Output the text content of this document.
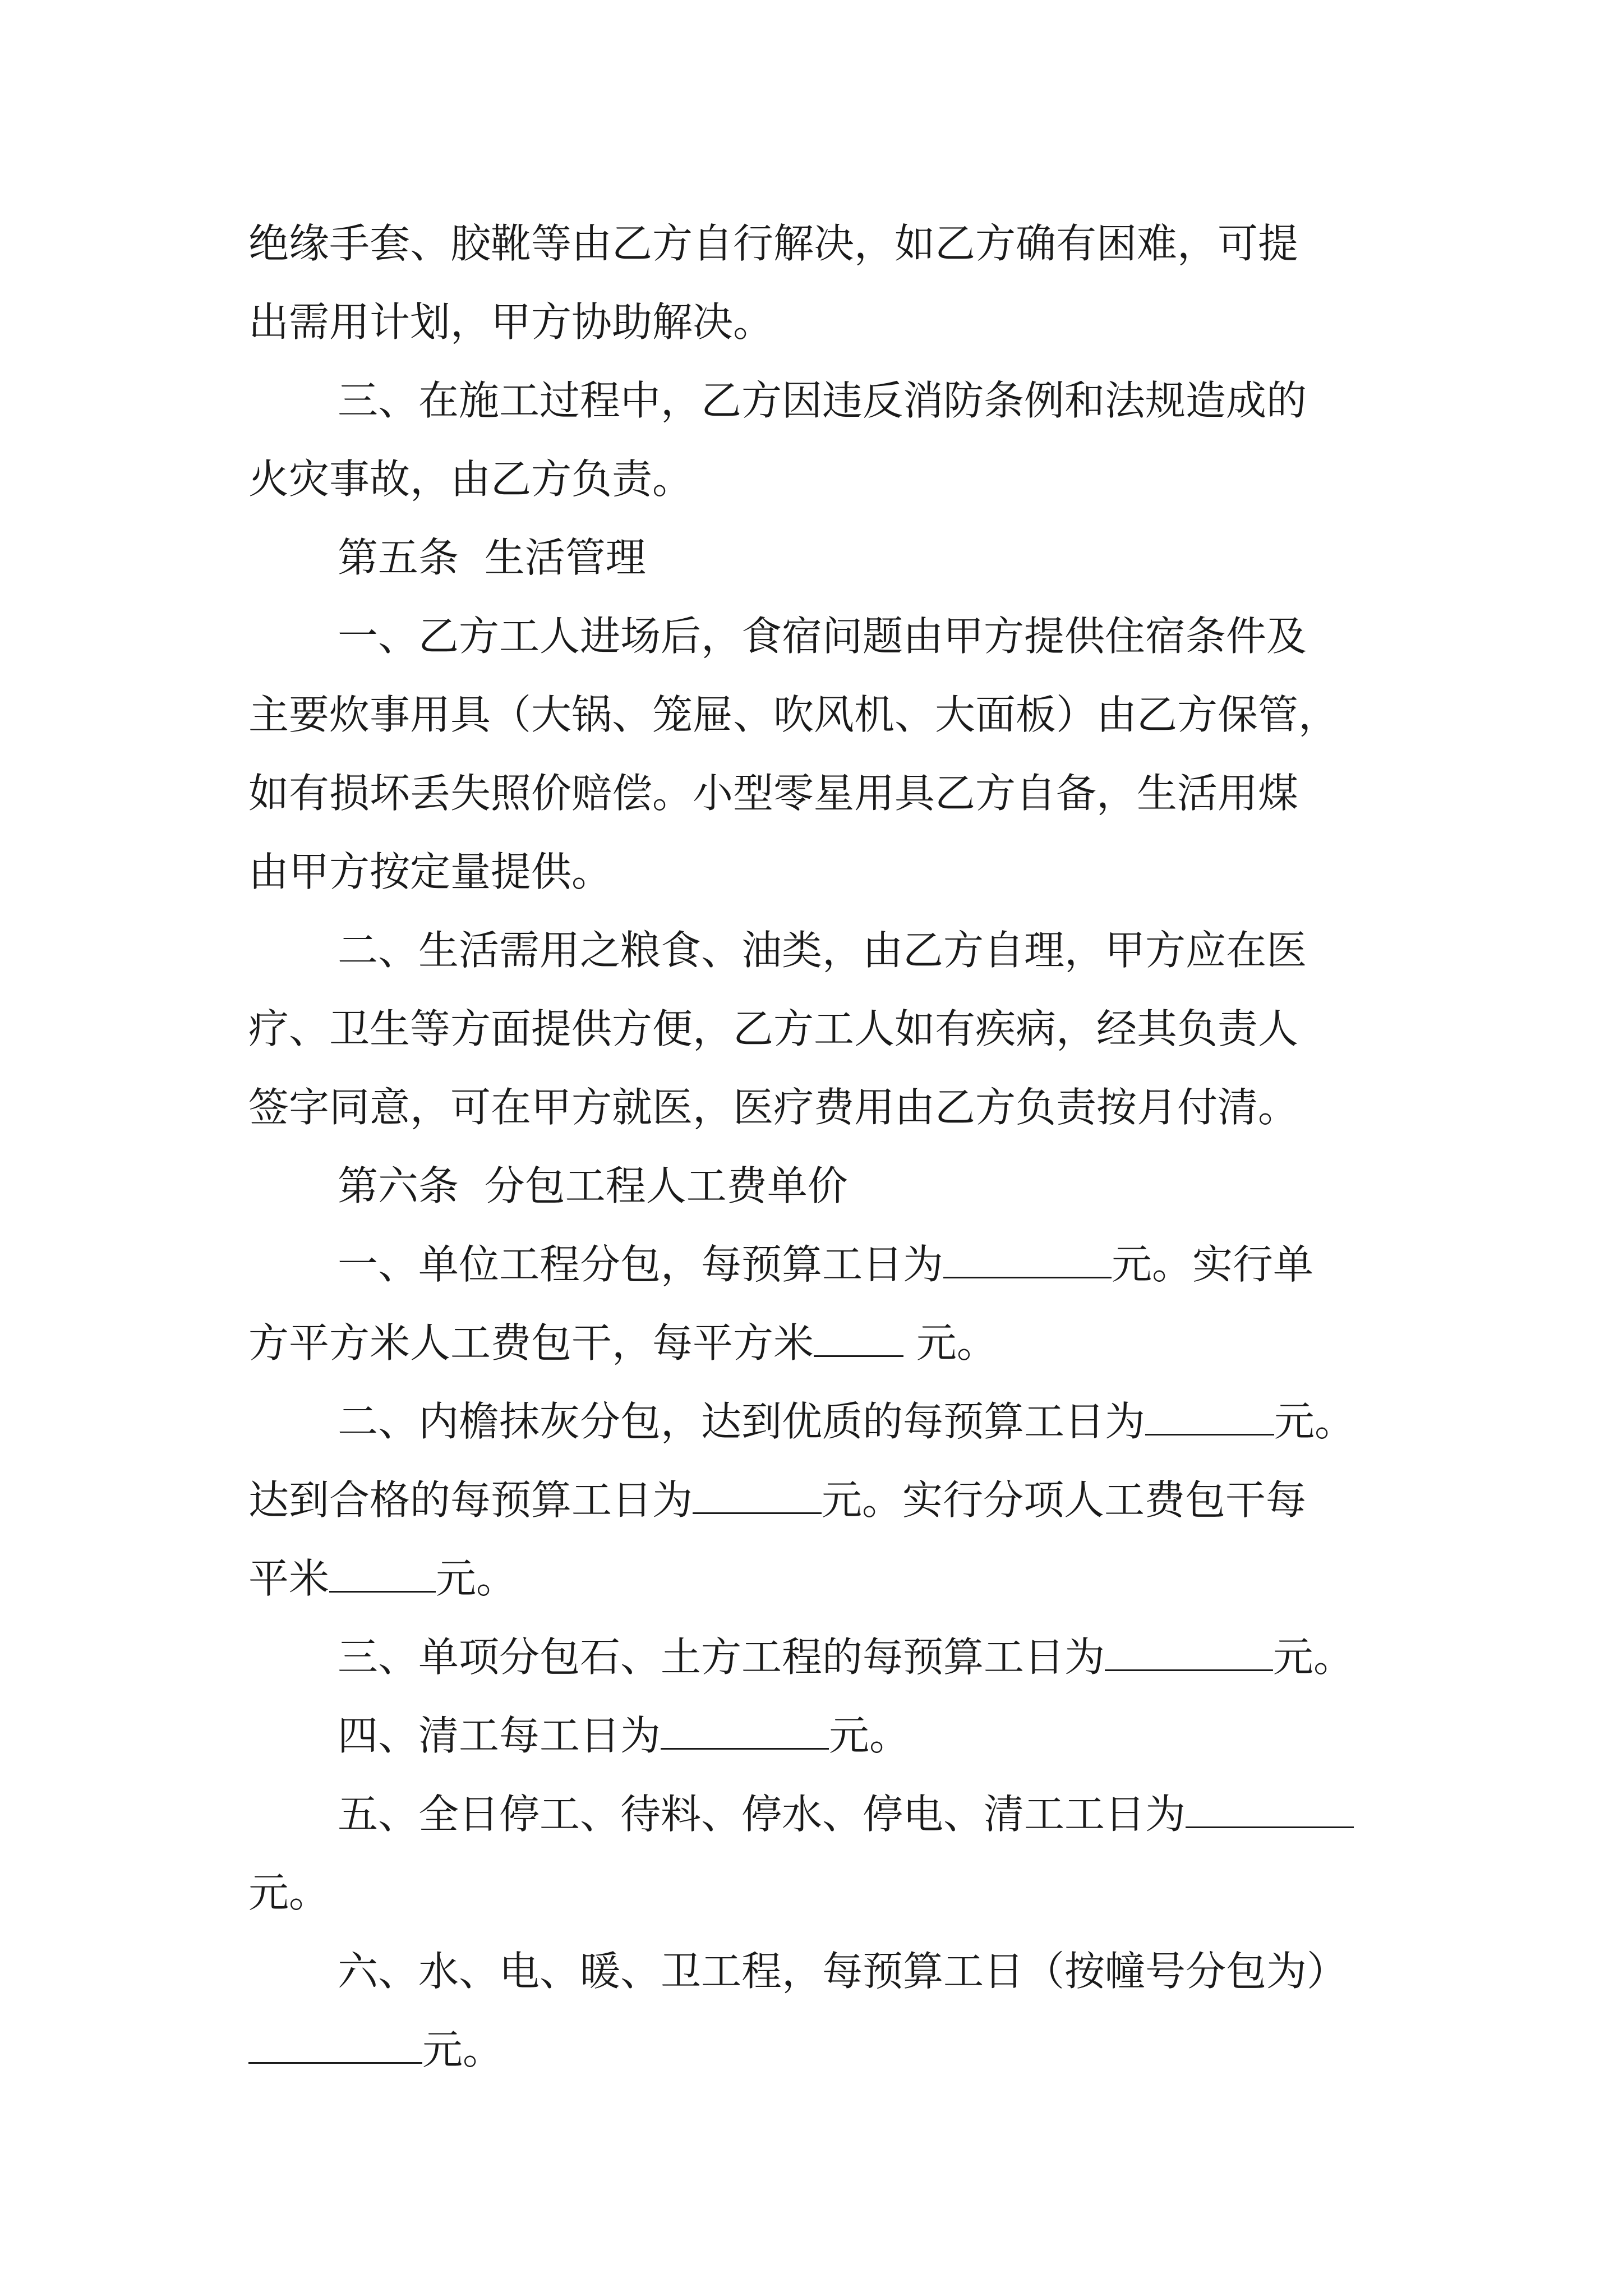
绝缘手套、胶靴等由乙方自行解决，如乙方确有困难，可提
出需用计划，甲方协助解决。
三、在施工过程中，乙方因违反消防条例和法规造成的
火灾事故，由乙方负责。
第五条  生活管理
一、乙方工人进场后，食宿问题由甲方提供住宿条件及
主要炊事用具（大锅、笼屉、吹风机、大面板）由乙方保管，
如有损坏丢失照价赔偿。小型零星用具乙方自备，生活用煤
由甲方按定量提供。
二、生活需用之粮食、油类，由乙方自理，甲方应在医
疗、卫生等方面提供方便，乙方工人如有疾病，经其负责人
签字同意，可在甲方就医，医疗费用由乙方负责按月付清。
第六条  分包工程人工费单价
一、单位工程分包，每预算工日为	元。实行单
方平方米人工费包干，每平方米 元。
二、内檐抹灰分包，达到优质的每预算工日为	元。
达到合格的每预算工日为	元。实行分项人工费包干每
平米	元。
三、单项分包石、土方工程的每预算工日为	元。
四、清工每工日为	元。
五、全日停工、待料、停水、停电、清工工日为
元。
六、水、电、暖、卫工程，每预算工日（按幢号分包为）
元。
